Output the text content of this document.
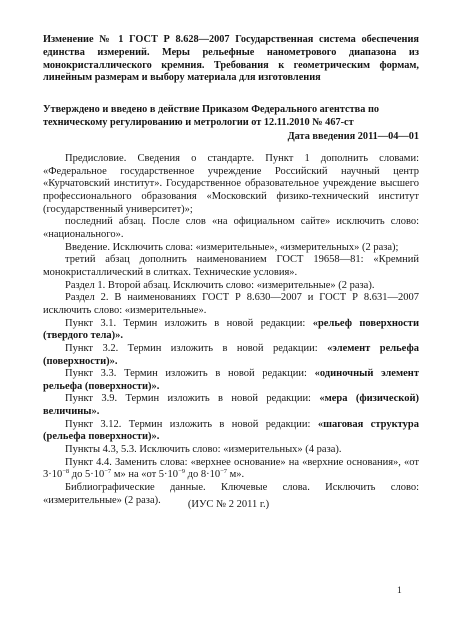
Изменение № 1 ГОСТ Р 8.628—2007 Государственная система обеспечения единства измерений. Меры рельефные нанометрового диапазона из монокристаллического кремния. Требования к геометрическим формам, линейным размерам и выбору материала для изготовления
Утверждено и введено в действие Приказом Федерального агентства по техническому регулированию и метрологии от 12.11.2010 № 467-ст
Дата введения 2011—04—01

Предисловие. Сведения о стандарте. Пункт 1 дополнить словами: «Федеральное государственное учреждение Российский научный центр «Курчатовский институт». Государственное образовательное учреждение высшего профессионального образования «Московский физико-технический институт (государственный университет)»;

последний абзац. После слов «на официальном сайте» исключить слово: «национального».

Введение. Исключить слова: «измерительные», «измерительных» (2 раза);

третий абзац дополнить наименованием ГОСТ 19658—81: «Кремний монокристаллический в слитках. Технические условия».

Раздел 1. Второй абзац. Исключить слово: «измерительные» (2 раза).

Раздел 2. В наименованиях ГОСТ Р 8.630—2007 и ГОСТ Р 8.631—2007 исключить слово: «измерительные».

Пункт 3.1. Термин изложить в новой редакции: «рельеф поверхности (твердого тела)».

Пункт 3.2. Термин изложить в новой редакции: «элемент рельефа (поверхности)».

Пункт 3.3. Термин изложить в новой редакции: «одиночный элемент рельефа (поверхности)».

Пункт 3.9. Термин изложить в новой редакции: «мера (физической) величины».

Пункт 3.12. Термин изложить в новой редакции: «шаговая структура (рельефа поверхности)».

Пункты 4.3, 5.3. Исключить слово: «измерительных» (4 раза).

Пункт 4.4. Заменить слова: «верхнее основание» на «верхние основания», «от $3\cdot 10^{-8}$ до $5\cdot 10^{-7}$ м» на «от $5\cdot 10^{-9}$ до $8\cdot 10^{-7}$ м».

Библиографические данные. Ключевые слова. Исключить слово: «измерительные» (2 раза).	(ИУС № 2 2011 г.)
1
